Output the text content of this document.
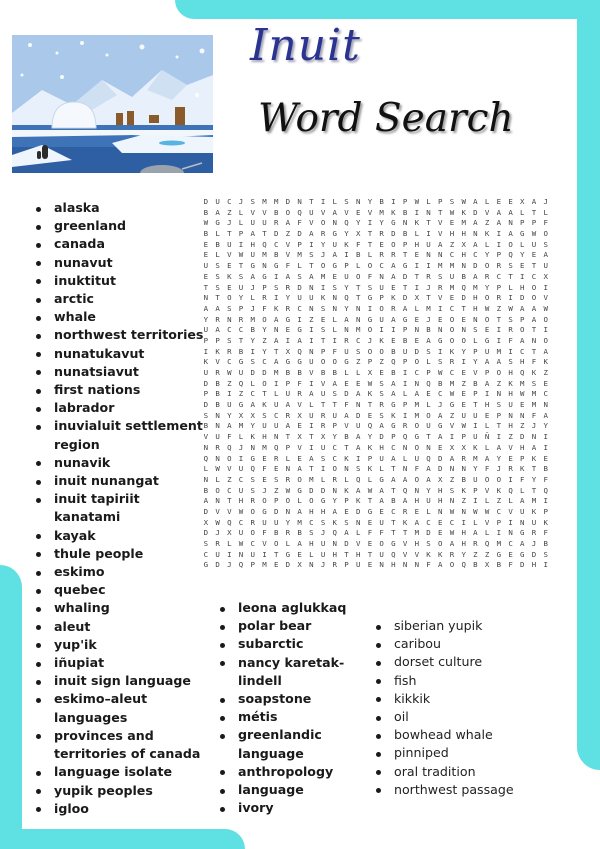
Inuit
Word Search
D U C J S M M D N T I L S N Y B I P W L P S W A L E E X A J
B A Z L V V B O Q U V A V E V M K B I N T W K D V A A L T L
W G J L U U R A F V O N Q Y I Y G N K T V E M A Z A N P P F
B L T P A T D Z D A R G Y X T R D B L I V H H N K I A G W O
E B U I H Q C V P I Y U K F T E O P H U A Z X A L I O L U S
E L V W U M B V M S J A I B L R R T E N N C H C Y P Q Y E A
U S E T G N G F L T O G P L O C A G I I M M N D O R S E T U
E S K S A G I A S A M E U O F N A D T R S U B A R C T I C X
T S E U J P S R D N I S Y T S U E T I J R M Q M Y P L H O I
N T O Y L R I Y U U K N Q T G P K D X T V E D H O R I D O V
A A S P J F K R C N S N Y N I O R A L M I C T H W Z W A A W
Y R N R M O A G I Z E L A N G U A G E J E O E N O T S P A O
U A C C B Y N E G I S L N M O I I P N B N O N S E I R O T I
P P S T Y Z A I A I T I R C J K E B E A G O O L G I F A N O
I K R B I Y T X Q N P F U S O O B U D S I K Y P U M I C T A
K V C G S C A G G U O O G Z P Z Q P O L S R I Y A A S H F K
U R W U D D M B B V B B L L X E B I C P W C E V P O H Q K Z
D B Z Q L O I P F I V A E E W S A I N Q B M Z B A Z K M S E
P B I Z C T L U R A U S D A K S A L A E C W E P I N H W M C
D B U G A K U A V L T T F N T R G P M L J G E T H S U E M N
S N Y X X S C R X U R U A D E S K I M O A Z U U E P N N F A
B N A M Y U U A E I R P V U Q A G R O U G V W I L T H Z J Y
V U F L K H N T X T X Y B A Y D P Q G T A I P U Ñ I Z D N I
N R Q J N M Q P V I U C T A K H C N O N E X X K L A V H A I
Q N O I G E R L E A S C K I P U A L U Q D A R M A Y E P K E
L W V U Q F E N A T I O N S K L T N F A D N N Y F J R K T B
N L Z C S E S R O M L R L Q L G A A O A X Z B U O O I F Y F
B O C U S J Z W G D D N K A W A T Q N Y H S K P V K Q L T Q
A N T H R O P O L O G Y P K T A B A H U H N Z I L Z L A M I
D V V W O G D N A H H A E D G E C R E L N W N W W C V U K P
X W Q C R U U Y M C S K S N E U T K A C E C I L V P I N U K
D J X U O F B R B S J Q A L F F T T M D E W H A L I N G R F
S R L W C V O L A H U N D V E O G V H S O A H R Q M C A J B
C U I N U I T G E L U H T H T U Q V V K K R Y Z Z G E G D S
G D J Q P M E D X N J R P U E N H N N F A O Q B X B F D H I
alaska
greenland
canada
nunavut
inuktitut
arctic
whale
northwest territories
nunatukavut
nunatsiavut
first nations
labrador
inuvialuit settlement region
nunavik
inuit nunangat
inuit tapiriit kanatami
kayak
thule people
eskimo
quebec
whaling
aleut
yup'ik
iñupiat
inuit sign language
eskimo–aleut languages
provinces and territories of canada
language isolate
yupik peoples
igloo
leona aglukkaq
polar bear
subarctic
nancy karetak-lindell
soapstone
métis
greenlandic language
anthropology
language
ivory
siberian yupik
caribou
dorset culture
fish
kikkik
oil
bowhead whale
pinniped
oral tradition
northwest passage
